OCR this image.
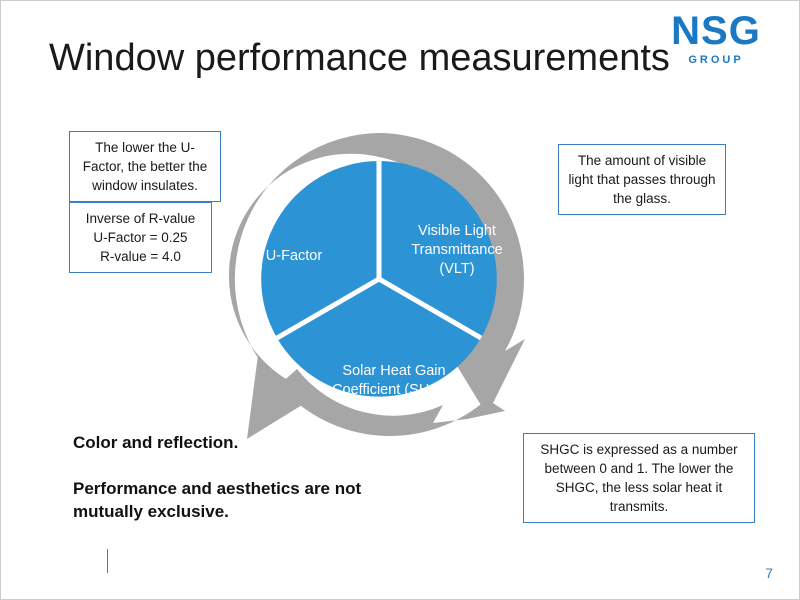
NSG
GROUP
Window performance measurements
U-Factor
Visible Light Transmittance (VLT)
Solar Heat Gain Coefficient (SHGC)
The lower the U-Factor, the better the window insulates.
Inverse of R-value
U-Factor = 0.25
R-value = 4.0
The amount of visible light that passes through the glass.
SHGC is expressed as a number between 0 and 1. The lower the SHGC, the less solar heat it transmits.
Color and reflection.
Performance and aesthetics are not mutually exclusive.
7
